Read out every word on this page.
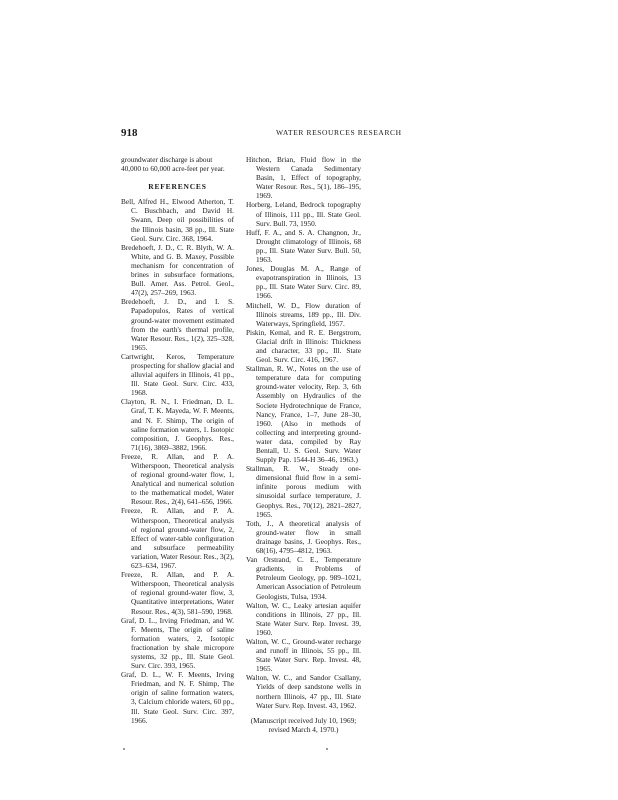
918	WATER RESOURCES RESEARCH

groundwater discharge is about 40,000 to 60,000 acre-feet per year.

REFERENCES
Bell, Alfred H., Elwood Atherton, T. C. Buschbach, and David H. Swann, Deep oil possibilities of the Illinois basin, 38 pp., Ill. State Geol. Surv. Circ. 368, 1964.
Bredehoeft, J. D., C. R. Blyth, W. A. White, and G. B. Maxey, Possible mechanism for concentration of brines in subsurface formations, Bull. Amer. Ass. Petrol. Geol., 47(2), 257–269, 1963.
Bredehoeft, J. D., and I. S. Papadopulos, Rates of vertical ground-water movement estimated from the earth's thermal profile, Water Resour. Res., 1(2), 325–328, 1965.
Cartwright, Keros, Temperature prospecting for shallow glacial and alluvial aquifers in Illinois, 41 pp., Ill. State Geol. Surv. Circ. 433, 1968.
Clayton, R. N., I. Friedman, D. L. Graf, T. K. Mayeda, W. F. Meents, and N. F. Shimp, The origin of saline formation waters, 1. Isotopic composition, J. Geophys. Res., 71(16), 3869–3882, 1966.
Freeze, R. Allan, and P. A. Witherspoon, Theoretical analysis of regional ground-water flow, 1, Analytical and numerical solution to the mathematical model, Water Resour. Res., 2(4), 641–656, 1966.
Freeze, R. Allan, and P. A. Witherspoon, Theoretical analysis of regional ground-water flow, 2, Effect of water-table configuration and subsurface permeability variation, Water Resour. Res., 3(2), 623–634, 1967.
Freeze, R. Allan, and P. A. Witherspoon, Theoretical analysis of regional ground-water flow, 3, Quantitative interpretations, Water Resour. Res., 4(3), 581–590, 1968.
Graf, D. L., Irving Friedman, and W. F. Meents, The origin of saline formation waters, 2, Isotopic fractionation by shale micropore systems, 32 pp., Ill. State Geol. Surv. Circ. 393, 1965.
Graf, D. L., W. F. Meents, Irving Friedman, and N. F. Shimp, The origin of saline formation waters, 3, Calcium chloride waters, 60 pp., Ill. State Geol. Surv. Circ. 397, 1966.
Hitchon, Brian, Fluid flow in the Western Canada Sedimentary Basin, 1, Effect of topography, Water Resour. Res., 5(1), 186–195, 1969.
Horberg, Leland, Bedrock topography of Illinois, 111 pp., Ill. State Geol. Surv. Bull. 73, 1950.
Huff, F. A., and S. A. Changnon, Jr., Drought climatology of Illinois, 68 pp., Ill. State Water Surv. Bull. 50, 1963.
Jones, Douglas M. A., Range of evapotranspiration in Illinois, 13 pp., Ill. State Water Surv. Circ. 89, 1966.
Mitchell, W. D., Flow duration of Illinois streams, 189 pp., Ill. Div. Waterways, Springfield, 1957.
Piskin, Kemal, and R. E. Bergstrom, Glacial drift in Illinois: Thickness and character, 33 pp., Ill. State Geol. Surv. Circ. 416, 1967.
Stallman, R. W., Notes on the use of temperature data for computing ground-water velocity, Rep. 3, 6th Assembly on Hydraulics of the Societe Hydrotechnique de France, Nancy, France, 1–7, June 28–30, 1960. (Also in methods of collecting and interpreting ground-water data, compiled by Ray Bentall, U. S. Geol. Surv. Water Supply Pap. 1544-H 36–46, 1963.)
Stallman, R. W., Steady one-dimensional fluid flow in a semi-infinite porous medium with sinusoidal surface temperature, J. Geophys. Res., 70(12), 2821–2827, 1965.
Toth, J., A theoretical analysis of ground-water flow in small drainage basins, J. Geophys. Res., 68(16), 4795–4812, 1963.
Van Orstrand, C. E., Temperature gradients, in Problems of Petroleum Geology, pp. 989–1021, American Association of Petroleum Geologists, Tulsa, 1934.
Walton, W. C., Leaky artesian aquifer conditions in Illinois, 27 pp., Ill. State Water Surv. Rep. Invest. 39, 1960.
Walton, W. C., Ground-water recharge and runoff in Illinois, 55 pp., Ill. State Water Surv. Rep. Invest. 48, 1965.
Walton, W. C., and Sandor Csallany, Yields of deep sandstone wells in northern Illinois, 47 pp., Ill. State Water Surv. Rep. Invest. 43, 1962.
(Manuscript received July 10, 1969;
revised March 4, 1970.)
